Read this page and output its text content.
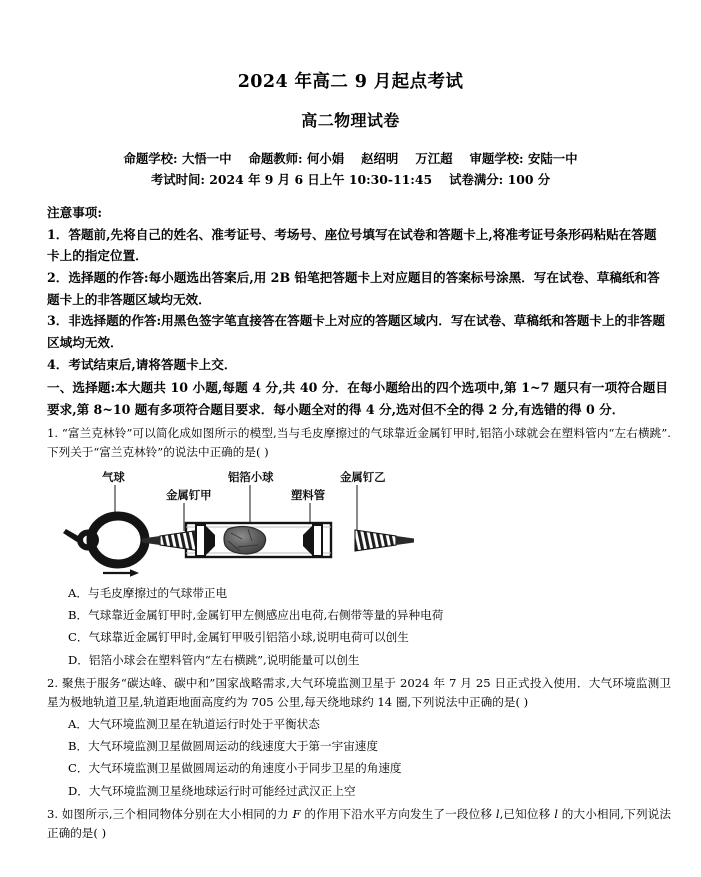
2024 年高二 9 月起点考试
高二物理试卷
命题学校: 大悟一中 命题教师: 何小娟 赵绍明 万江超 审题学校: 安陆一中
考试时间: 2024 年 9 月 6 日上午 10:30-11:45 试卷满分: 100 分
注意事项:
1．答题前,先将自己的姓名、准考证号、考场号、座位号填写在试卷和答题卡上,将准考证号条形码粘贴在答题卡上的指定位置．
2．选择题的作答:每小题选出答案后,用 2B 铅笔把答题卡上对应题目的答案标号涂黑．写在试卷、草稿纸和答题卡上的非答题区域均无效．
3．非选择题的作答:用黑色签字笔直接答在答题卡上对应的答题区域内．写在试卷、草稿纸和答题卡上的非答题区域均无效．
4．考试结束后,请将答题卡上交．
一、选择题:本大题共 10 小题,每题 4 分,共 40 分．在每小题给出的四个选项中,第 1~7 题只有一项符合题目要求,第 8~10 题有多项符合题目要求．每小题全对的得 4 分,选对但不全的得 2 分,有选错的得 0 分．
1. “富兰克林铃”可以简化成如图所示的模型,当与毛皮摩擦过的气球靠近金属钉甲时,铝箔小球就会在塑料管内“左右横跳”. 下列关于“富兰克林铃”的说法中正确的是( )
气球
金属钉甲
铝箔小球
塑料管
金属钉乙
A．与毛皮摩擦过的气球带正电
B．气球靠近金属钉甲时,金属钉甲左侧感应出电荷,右侧带等量的异种电荷
C．气球靠近金属钉甲时,金属钉甲吸引铝箔小球,说明电荷可以创生
D．铝箔小球会在塑料管内“左右横跳”,说明能量可以创生
2. 聚焦于服务“碳达峰、碳中和”国家战略需求,大气环境监测卫星于 2024 年 7 月 25 日正式投入使用．大气环境监测卫星为极地轨道卫星,轨道距地面高度约为 705 公里,每天绕地球约 14 圈,下列说法中正确的是( )
A．大气环境监测卫星在轨道运行时处于平衡状态
B．大气环境监测卫星做圆周运动的线速度大于第一宇宙速度
C．大气环境监测卫星做圆周运动的角速度小于同步卫星的角速度
D．大气环境监测卫星绕地球运行时可能经过武汉正上空
3. 如图所示,三个相同物体分别在大小相同的力 F 的作用下沿水平方向发生了一段位移 l,已知位移 l 的大小相同,下列说法正确的是( )
